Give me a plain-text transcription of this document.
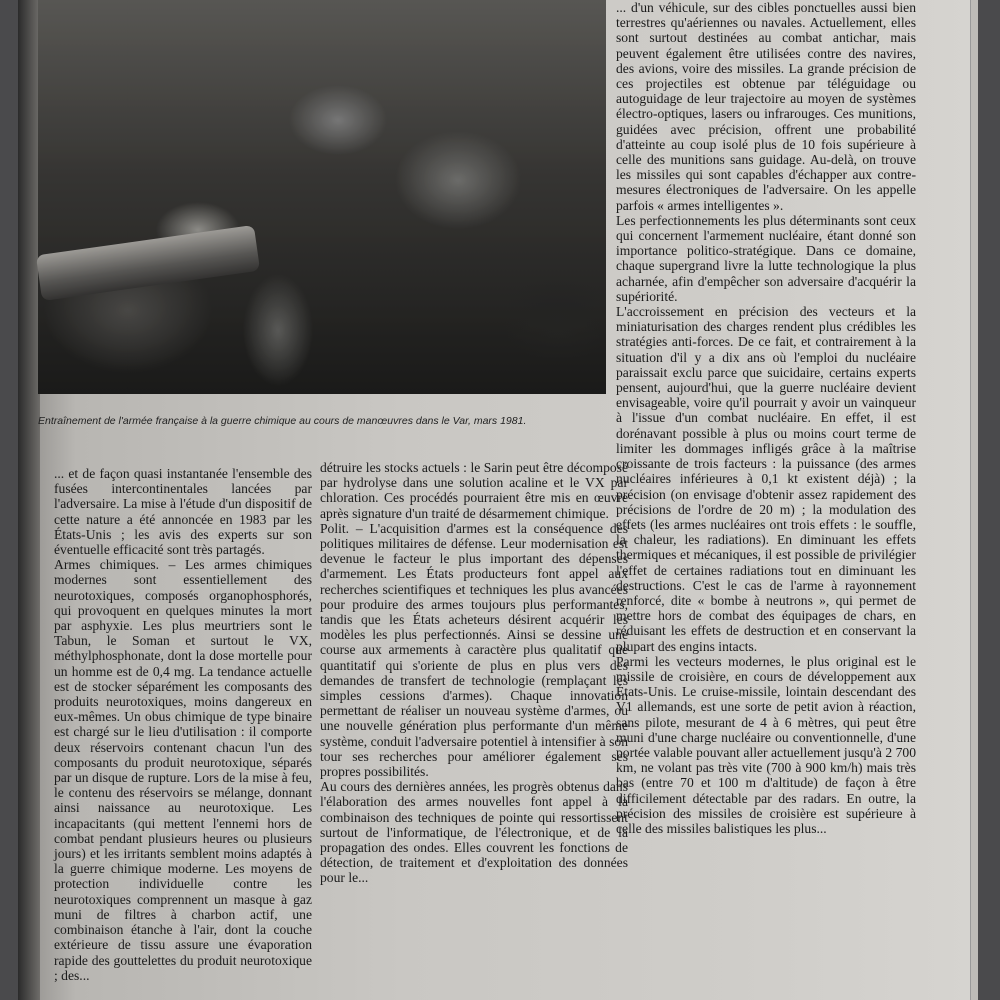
Entraînement de l'armée française à la guerre chimique au cours de manœuvres dans le Var, mars 1981.

... d'un véhicule, sur des cibles ponctuelles aussi bien terrestres qu'aériennes ou navales. Actuellement, elles sont surtout destinées au combat antichar, mais peuvent également être utilisées contre des navires, des avions, voire des missiles. La grande précision de ces projectiles est obtenue par téléguidage ou autoguidage de leur trajectoire au moyen de systèmes électro-optiques, lasers ou infrarouges. Ces munitions, guidées avec précision, offrent une probabilité d'atteinte au coup isolé plus de 10 fois supérieure à celle des munitions sans guidage. Au-delà, on trouve les missiles qui sont capables d'échapper aux contre-mesures électroniques de l'adversaire. On les appelle parfois « armes intelligentes ».

Les perfectionnements les plus déterminants sont ceux qui concernent l'armement nucléaire, étant donné son importance politico-stratégique. Dans ce domaine, chaque supergrand livre la lutte technologique la plus acharnée, afin d'empêcher son adversaire d'acquérir la supériorité.

L'accroissement en précision des vecteurs et la miniaturisation des charges rendent plus crédibles les stratégies anti-forces. De ce fait, et contrairement à la situation d'il y a dix ans où l'emploi du nucléaire paraissait exclu parce que suicidaire, certains experts pensent, aujourd'hui, que la guerre nucléaire devient envisageable, voire qu'il pourrait y avoir un vainqueur à l'issue d'un combat nucléaire. En effet, il est dorénavant possible à plus ou moins court terme de limiter les dommages infligés grâce à la maîtrise croissante de trois facteurs : la puissance (des armes nucléaires inférieures à 0,1 kt existent déjà) ; la précision (on envisage d'obtenir assez rapidement des précisions de l'ordre de 20 m) ; la modulation des effets (les armes nucléaires ont trois effets : le souffle, la chaleur, les radiations). En diminuant les effets thermiques et mécaniques, il est possible de privilégier l'effet de certaines radiations tout en diminuant les destructions. C'est le cas de l'arme à rayonnement renforcé, dite « bombe à neutrons », qui permet de mettre hors de combat des équipages de chars, en réduisant les effets de destruction et en conservant la plupart des engins intacts.

Parmi les vecteurs modernes, le plus original est le missile de croisière, en cours de développement aux États-Unis. Le cruise-missile, lointain descendant des V1 allemands, est une sorte de petit avion à réaction, sans pilote, mesurant de 4 à 6 mètres, qui peut être muni d'une charge nucléaire ou conventionnelle, d'une portée valable pouvant aller actuellement jusqu'à 2 700 km, ne volant pas très vite (700 à 900 km/h) mais très bas (entre 70 et 100 m d'altitude) de façon à être difficilement détectable par des radars. En outre, la précision des missiles de croisière est supérieure à celle des missiles balistiques les plus...

... et de façon quasi instantanée l'ensemble des fusées intercontinentales lancées par l'adversaire. La mise à l'étude d'un dispositif de cette nature a été annoncée en 1983 par les États-Unis ; les avis des experts sur son éventuelle efficacité sont très partagés.

Armes chimiques. – Les armes chimiques modernes sont essentiellement des neurotoxiques, composés organophosphorés, qui provoquent en quelques minutes la mort par asphyxie. Les plus meurtriers sont le Tabun, le Soman et surtout le VX, méthylphosphonate, dont la dose mortelle pour un homme est de 0,4 mg. La tendance actuelle est de stocker séparément les composants des produits neurotoxiques, moins dangereux en eux-mêmes. Un obus chimique de type binaire est chargé sur le lieu d'utilisation : il comporte deux réservoirs contenant chacun l'un des composants du produit neurotoxique, séparés par un disque de rupture. Lors de la mise à feu, le contenu des réservoirs se mélange, donnant ainsi naissance au neurotoxique. Les incapacitants (qui mettent l'ennemi hors de combat pendant plusieurs heures ou plusieurs jours) et les irritants semblent moins adaptés à la guerre chimique moderne. Les moyens de protection individuelle contre les neurotoxiques comprennent un masque à gaz muni de filtres à charbon actif, une combinaison étanche à l'air, dont la couche extérieure de tissu assure une évaporation rapide des gouttelettes du produit neurotoxique ; des...

détruire les stocks actuels : le Sarin peut être décomposé par hydrolyse dans une solution acaline et le VX par chloration. Ces procédés pourraient être mis en œuvre après signature d'un traité de désarmement chimique.

Polit. – L'acquisition d'armes est la conséquence des politiques militaires de défense. Leur modernisation est devenue le facteur le plus important des dépenses d'armement. Les États producteurs font appel aux recherches scientifiques et techniques les plus avancées pour produire des armes toujours plus performantes, tandis que les États acheteurs désirent acquérir les modèles les plus perfectionnés. Ainsi se dessine une course aux armements à caractère plus qualitatif que quantitatif qui s'oriente de plus en plus vers des demandes de transfert de technologie (remplaçant les simples cessions d'armes). Chaque innovation permettant de réaliser un nouveau système d'armes, ou une nouvelle génération plus performante d'un même système, conduit l'adversaire potentiel à intensifier à son tour ses recherches pour améliorer également ses propres possibilités.

Au cours des dernières années, les progrès obtenus dans l'élaboration des armes nouvelles font appel à la combinaison des techniques de pointe qui ressortissent surtout de l'informatique, de l'électronique, et de la propagation des ondes. Elles couvrent les fonctions de détection, de traitement et d'exploitation des données pour le...
